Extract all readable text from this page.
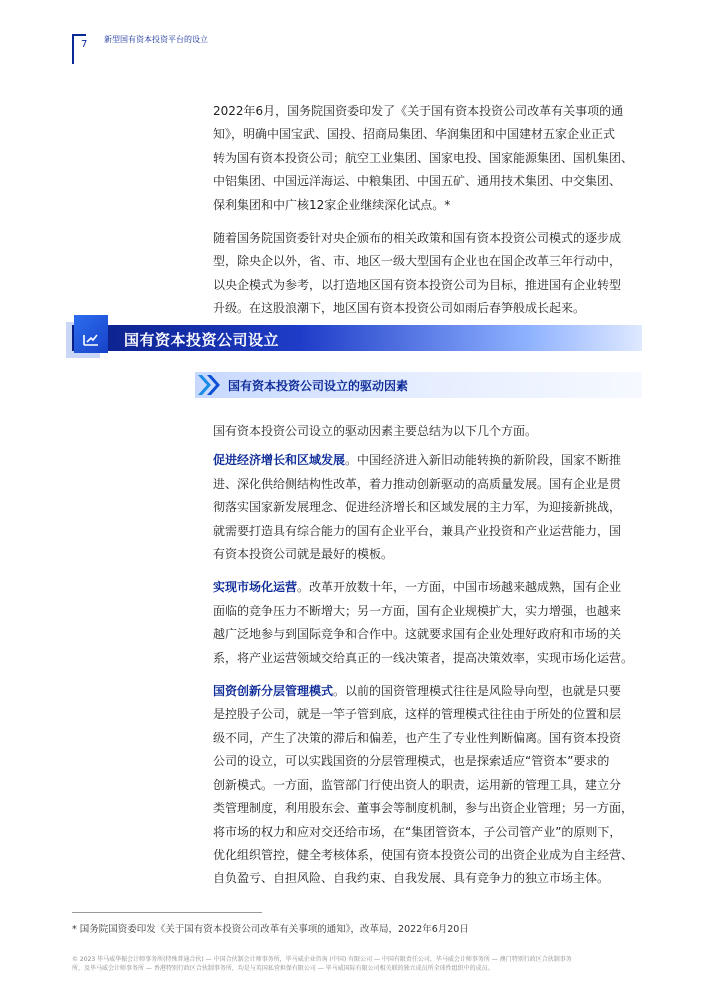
7 新型国有资本投资平台的设立

2022年6月，国务院国资委印发了《关于国有资本投资公司改革有关事项的通
知》，明确中国宝武、国投、招商局集团、华润集团和中国建材五家企业正式
转为国有资本投资公司；航空工业集团、国家电投、国家能源集团、国机集团、
中铝集团、中国远洋海运、中粮集团、中国五矿、通用技术集团、中交集团、
保利集团和中广核12家企业继续深化试点。*

随着国务院国资委针对央企颁布的相关政策和国有资本投资公司模式的逐步成
型，除央企以外，省、市、地区一级大型国有企业也在国企改革三年行动中，
以央企模式为参考，以打造地区国有资本投资公司为目标，推进国有企业转型
升级。在这股浪潮下，地区国有资本投资公司如雨后春笋般成长起来。

国有资本投资公司设立
国有资本投资公司设立的驱动因素

国有资本投资公司设立的驱动因素主要总结为以下几个方面。

促进经济增长和区域发展。中国经济进入新旧动能转换的新阶段，国家不断推
进、深化供给侧结构性改革，着力推动创新驱动的高质量发展。国有企业是贯
彻落实国家新发展理念、促进经济增长和区域发展的主力军，为迎接新挑战，
就需要打造具有综合能力的国有企业平台，兼具产业投资和产业运营能力，国
有资本投资公司就是最好的模板。

实现市场化运营。改革开放数十年，一方面，中国市场越来越成熟，国有企业
面临的竞争压力不断增大；另一方面，国有企业规模扩大，实力增强，也越来
越广泛地参与到国际竞争和合作中。这就要求国有企业处理好政府和市场的关
系，将产业运营领域交给真正的一线决策者，提高决策效率，实现市场化运营。

国资创新分层管理模式。以前的国资管理模式往往是风险导向型，也就是只要
是控股子公司，就是一竿子管到底，这样的管理模式往往由于所处的位置和层
级不同，产生了决策的滞后和偏差，也产生了专业性判断偏离。国有资本投资
公司的设立，可以实践国资的分层管理模式，也是探索适应“管资本”要求的
创新模式。一方面，监管部门行使出资人的职责，运用新的管理工具，建立分
类管理制度，利用股东会、董事会等制度机制，参与出资企业管理；另一方面，
将市场的权力和应对交还给市场，在“集团管资本，子公司管产业”的原则下，
优化组织管控，健全考核体系，使国有资本投资公司的出资企业成为自主经营、
自负盈亏、自担风险、自我约束、自我发展、具有竞争力的独立市场主体。

* 国务院国资委印发《关于国有资本投资公司改革有关事项的通知》，改革局，2022年6月20日
© 2023 毕马威华振会计师事务所(特殊普通合伙) — 中国合伙制会计师事务所，毕马威企业咨询 (中国) 有限公司 — 中国有限责任公司，毕马威会计师事务所 — 澳门特别行政区合伙制事务
所，及毕马威会计师事务所 — 香港特别行政区合伙制事务所，均是与英国私营担保有限公司 — 毕马威国际有限公司相关联的独立成员所全球性组织中的成员。
